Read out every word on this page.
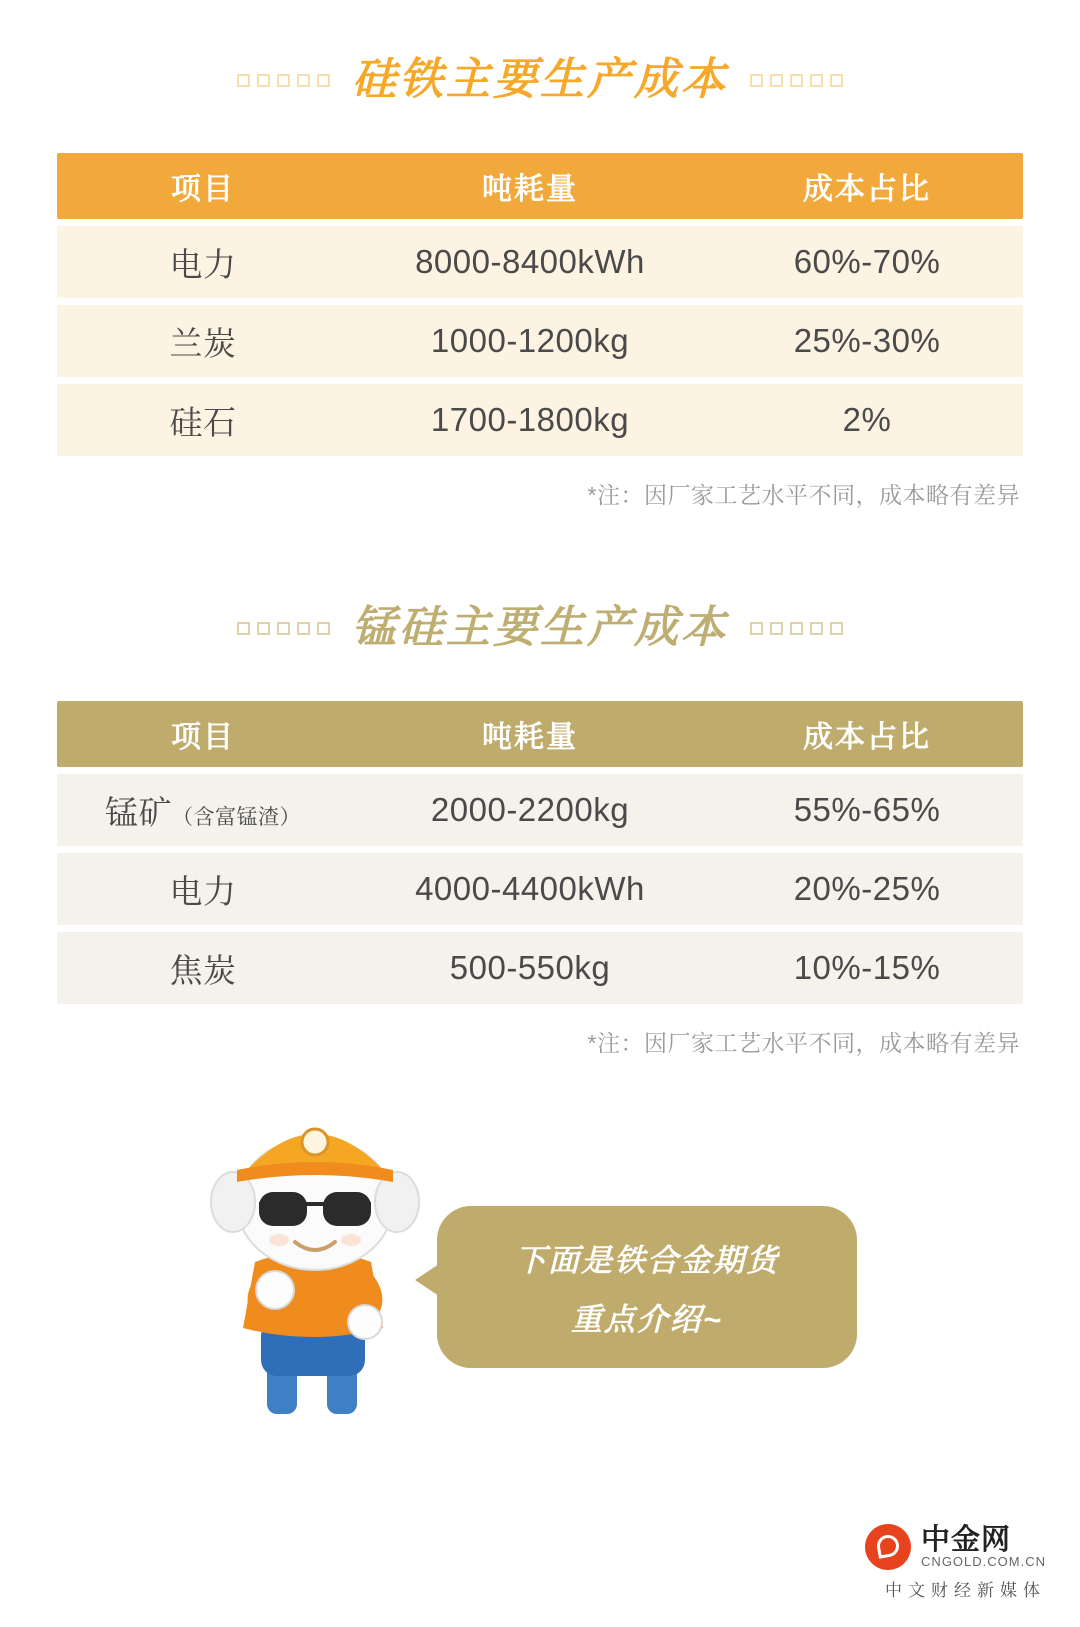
硅铁主要生产成本
项目	吨耗量	成本占比
电力	8000-8400kWh	60%-70%
兰炭	1000-1200kg	25%-30%
硅石	1700-1800kg	2%
*注：因厂家工艺水平不同，成本略有差异
锰硅主要生产成本
项目	吨耗量	成本占比
锰矿（含富锰渣）	2000-2200kg	55%-65%
电力	4000-4400kWh	20%-25%
焦炭	500-550kg	10%-15%
*注：因厂家工艺水平不同，成本略有差异
下面是铁合金期货
重点介绍~
中金网
CNGOLD.COM.CN
中文财经新媒体
